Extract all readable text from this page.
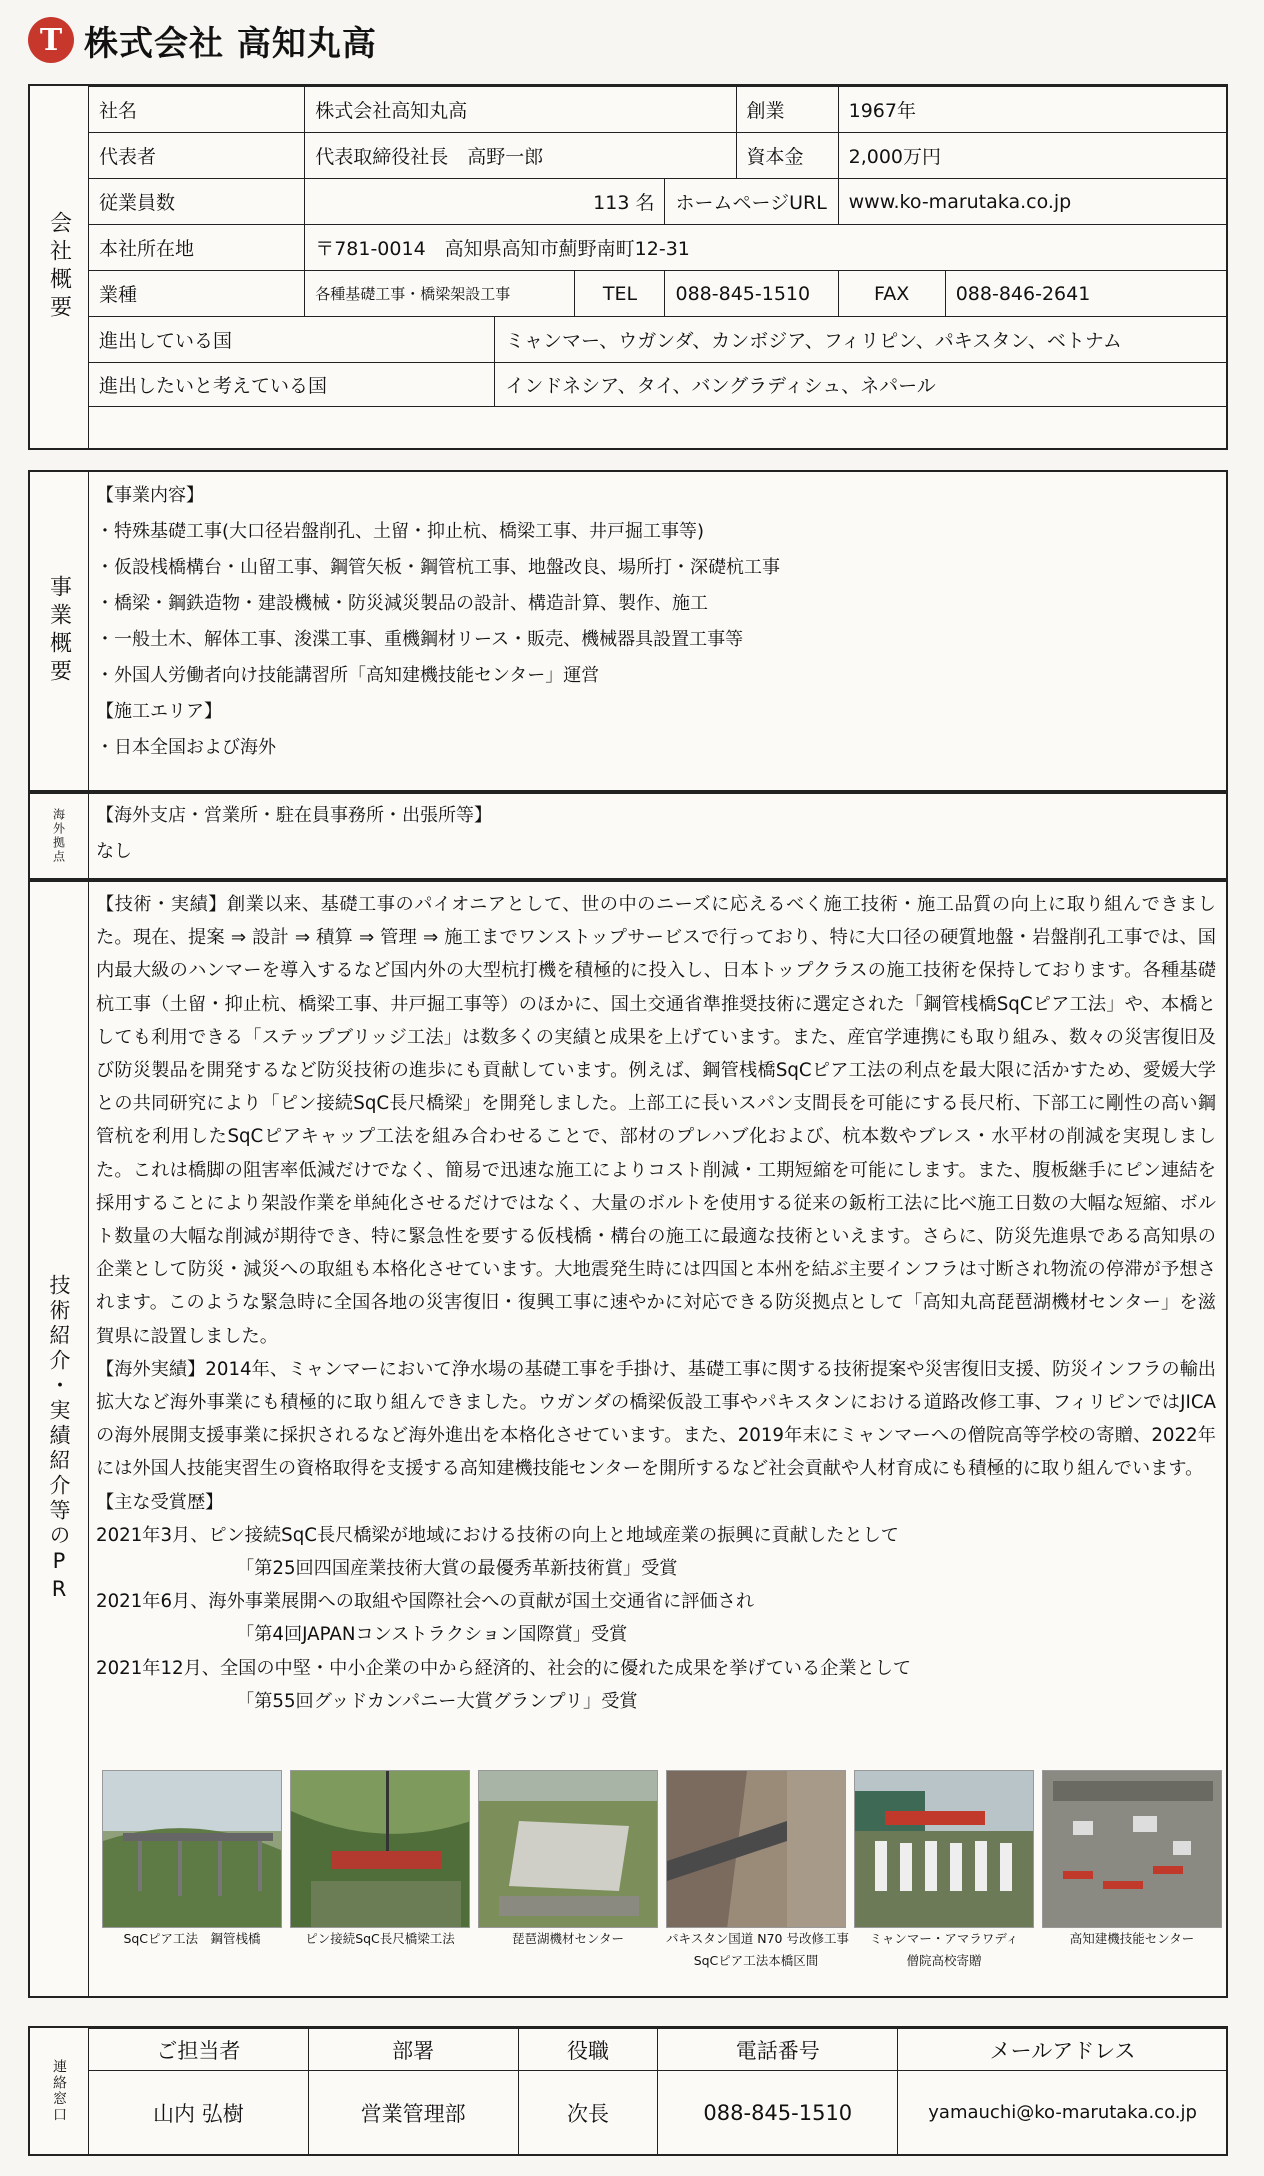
T 株式会社 高知丸高
会社概要
社名	株式会社高知丸高				創業	1967年	
代表者	代表取締役社長　高野一郎				資本金	2,000万円	
従業員数	113 名			ホームページURL		www.ko-marutaka.co.jp	
本社所在地	〒781-0014　高知県高知市薊野南町12-31						
業種	各種基礎工事・橋梁架設工事		TEL	088-845-1510		FAX	088-846-2641
進出している国		ミャンマー、ウガンダ、カンボジア、フィリピン、パキスタン、ベトナム					
進出したいと考えている国		インドネシア、タイ、バングラディシュ、ネパール					
事業概要
【事業内容】
・特殊基礎工事(大口径岩盤削孔、土留・抑止杭、橋梁工事、井戸掘工事等)
・仮設桟橋構台・山留工事、鋼管矢板・鋼管杭工事、地盤改良、場所打・深礎杭工事
・橋梁・鋼鉄造物・建設機械・防災減災製品の設計、構造計算、製作、施工
・一般土木、解体工事、浚渫工事、重機鋼材リース・販売、機械器具設置工事等
・外国人労働者向け技能講習所「高知建機技能センター」運営
【施工エリア】
・日本全国および海外
海外拠点 【海外支店・営業所・駐在員事務所・出張所等】
なし
技術紹介・実績紹介等のPR

【技術・実績】創業以来、基礎工事のパイオニアとして、世の中のニーズに応えるべく施工技術・施工品質の向上に取り組んできました。現在、提案 ⇒ 設計 ⇒ 積算 ⇒ 管理 ⇒ 施工までワンストップサービスで行っており、特に大口径の硬質地盤・岩盤削孔工事では、国内最大級のハンマーを導入するなど国内外の大型杭打機を積極的に投入し、日本トップクラスの施工技術を保持しております。各種基礎杭工事（土留・抑止杭、橋梁工事、井戸掘工事等）のほかに、国土交通省準推奨技術に選定された「鋼管桟橋SqCピア工法」や、本橋としても利用できる「ステップブリッジ工法」は数多くの実績と成果を上げています。また、産官学連携にも取り組み、数々の災害復旧及び防災製品を開発するなど防災技術の進歩にも貢献しています。例えば、鋼管桟橋SqCピア工法の利点を最大限に活かすため、愛媛大学との共同研究により「ピン接続SqC長尺橋梁」を開発しました。上部工に長いスパン支間長を可能にする長尺桁、下部工に剛性の高い鋼管杭を利用したSqCピアキャップ工法を組み合わせることで、部材のプレハブ化および、杭本数やブレス・水平材の削減を実現しました。これは橋脚の阻害率低減だけでなく、簡易で迅速な施工によりコスト削減・工期短縮を可能にします。また、腹板継手にピン連結を採用することにより架設作業を単純化させるだけではなく、大量のボルトを使用する従来の鈑桁工法に比べ施工日数の大幅な短縮、ボルト数量の大幅な削減が期待でき、特に緊急性を要する仮桟橋・構台の施工に最適な技術といえます。さらに、防災先進県である高知県の企業として防災・減災への取組も本格化させています。大地震発生時には四国と本州を結ぶ主要インフラは寸断され物流の停滞が予想されます。このような緊急時に全国各地の災害復旧・復興工事に速やかに対応できる防災拠点として「高知丸高琵琶湖機材センター」を滋賀県に設置しました。

【海外実績】2014年、ミャンマーにおいて浄水場の基礎工事を手掛け、基礎工事に関する技術提案や災害復旧支援、防災インフラの輸出拡大など海外事業にも積極的に取り組んできました。ウガンダの橋梁仮設工事やパキスタンにおける道路改修工事、フィリピンではJICAの海外展開支援事業に採択されるなど海外進出を本格化させています。また、2019年末にミャンマーへの僧院高等学校の寄贈、2022年には外国人技能実習生の資格取得を支援する高知建機技能センターを開所するなど社会貢献や人材育成にも積極的に取り組んでいます。

【主な受賞歴】

2021年3月、ピン接続SqC長尺橋梁が地域における技術の向上と地域産業の振興に貢献したとして

「第25回四国産業技術大賞の最優秀革新技術賞」受賞

2021年6月、海外事業展開への取組や国際社会への貢献が国土交通省に評価され

「第4回JAPANコンストラクション国際賞」受賞

2021年12月、全国の中堅・中小企業の中から経済的、社会的に優れた成果を挙げている企業として

「第55回グッドカンパニー大賞グランプリ」受賞

SqCピア工法　鋼管桟橋	ピン接続SqC長尺橋梁工法	琵琶湖機材センター	パキスタン国道 N70 号改修工事
SqCピア工法本橋区間
ミャンマー・アマラワディ
僧院高校寄贈
高知建機技能センター
連絡窓口
ご担当者	部署	役職	電話番号	メールアドレス
山内 弘樹	営業管理部	次長	088-845-1510	yamauchi@ko-marutaka.co.jp
